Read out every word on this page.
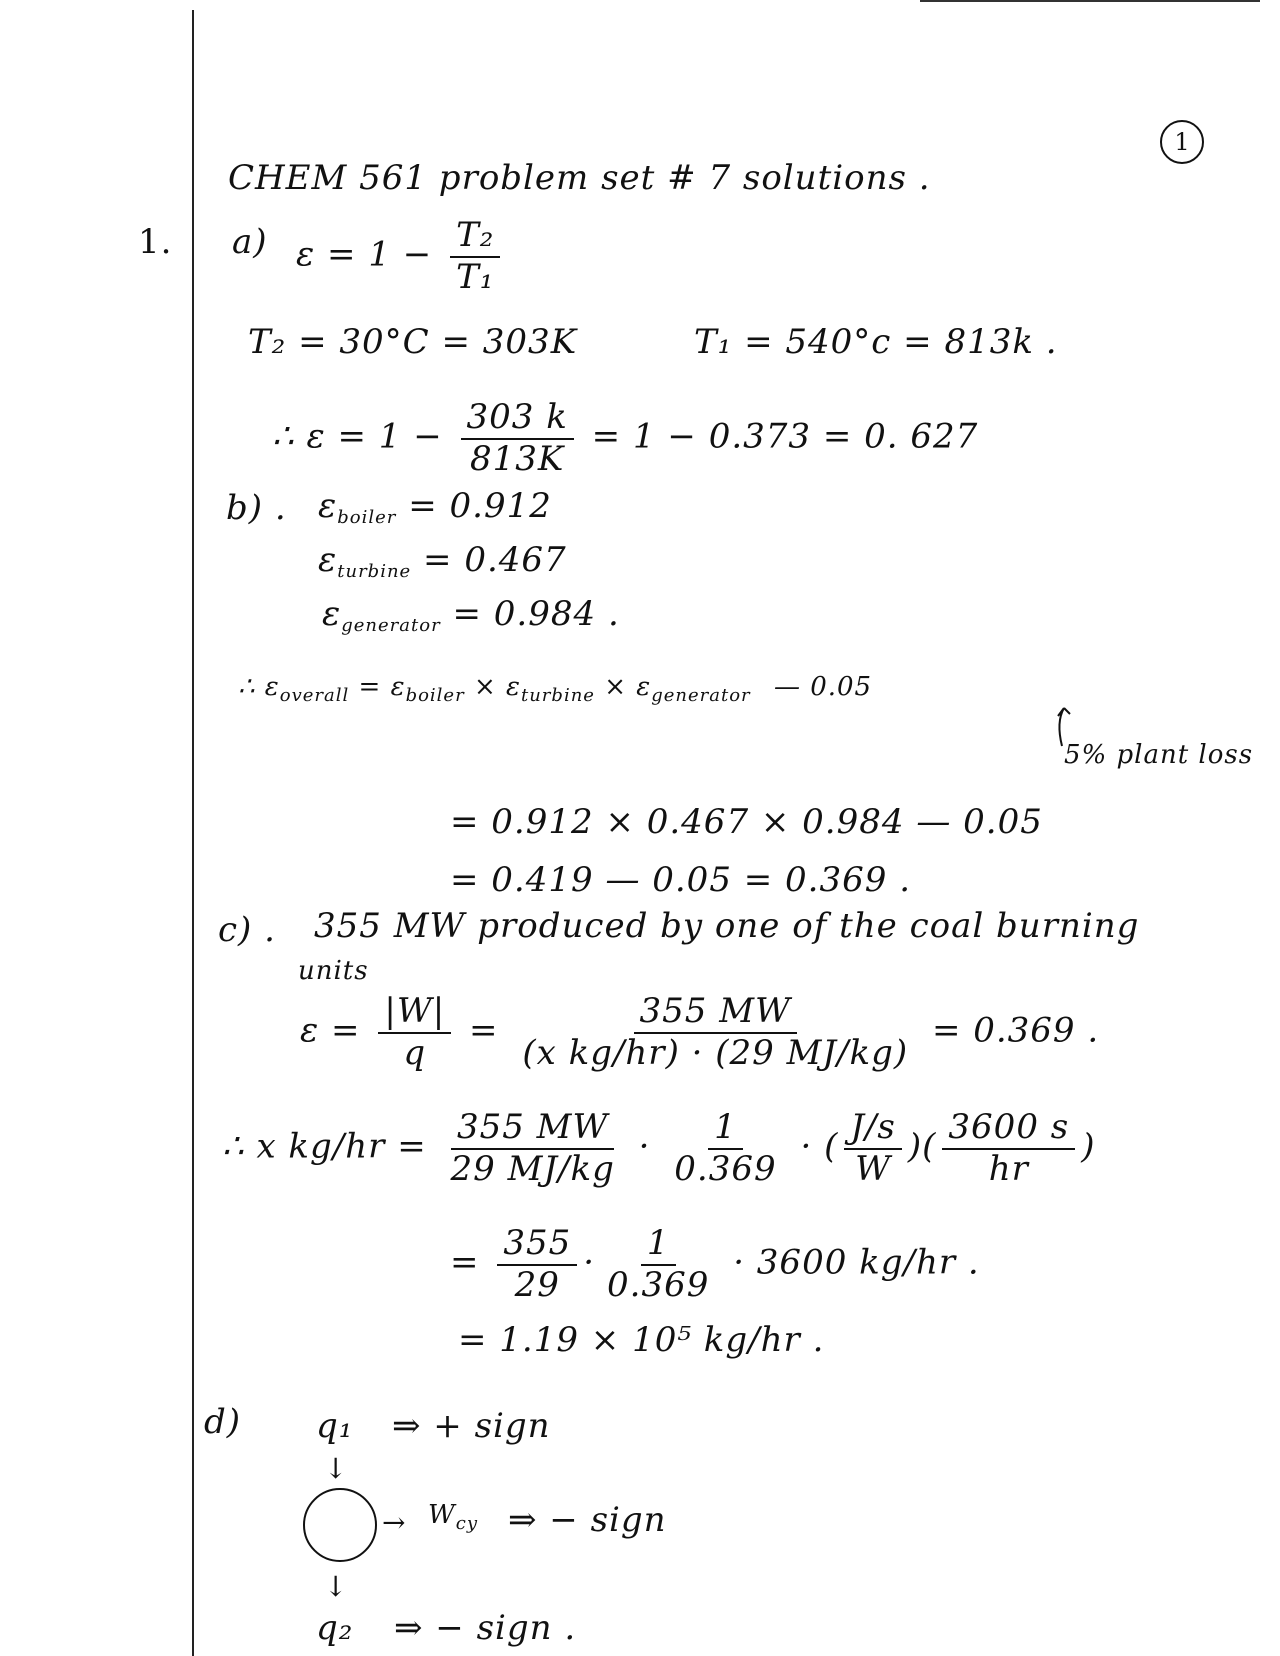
1
CHEM 561 problem set # 7 solutions .
1. a) $\varepsilon = 1 - \frac{\text{T₂}}{\text{T₁}}$
T₂ = 30°C = 303K	T₁ = 540°c = 813k .
∴ $\varepsilon = 1 - \frac{303 k}{813K} = 1 - 0.373 = 0$. 627
b) . $\varepsilon_{boiler} = 0.912$
$\varepsilon_{turbine} = 0.467$
$\varepsilon_{generator} = 0.984$ .
∴ $\varepsilon_{overall} = \varepsilon_{boiler} \times \varepsilon_{turbine} \times \varepsilon_{generator}$ — 0.05
5% plant loss
= 0.912 × 0.467 × 0.984 — 0.05
= 0.419 — 0.05 = 0.369 .
c) . 355 MW produced by one of the coal burning
units
$\varepsilon = \frac{|W|}{q} = \frac{355 MW}{\text{(x kg/hr) · (29 MJ/kg)}} = 0.369$ .
∴ x $kg/hr = \frac{355 MW}{29 MJ/kg} \cdot \frac{1}{0.369}$ · ( $\frac{J/s}{W}$ )( $\frac{3600 s}{hr}$ )
= $\frac{355}{29} \cdot \frac{1}{0.369} \cdot 3600$ kg/hr .
= 1.19 × 10⁵ kg/hr .
d) q₁ ⇒ + sign
↓
→ $W_{cy}$ ⇒ − sign
↓
q₂ ⇒ − sign .
